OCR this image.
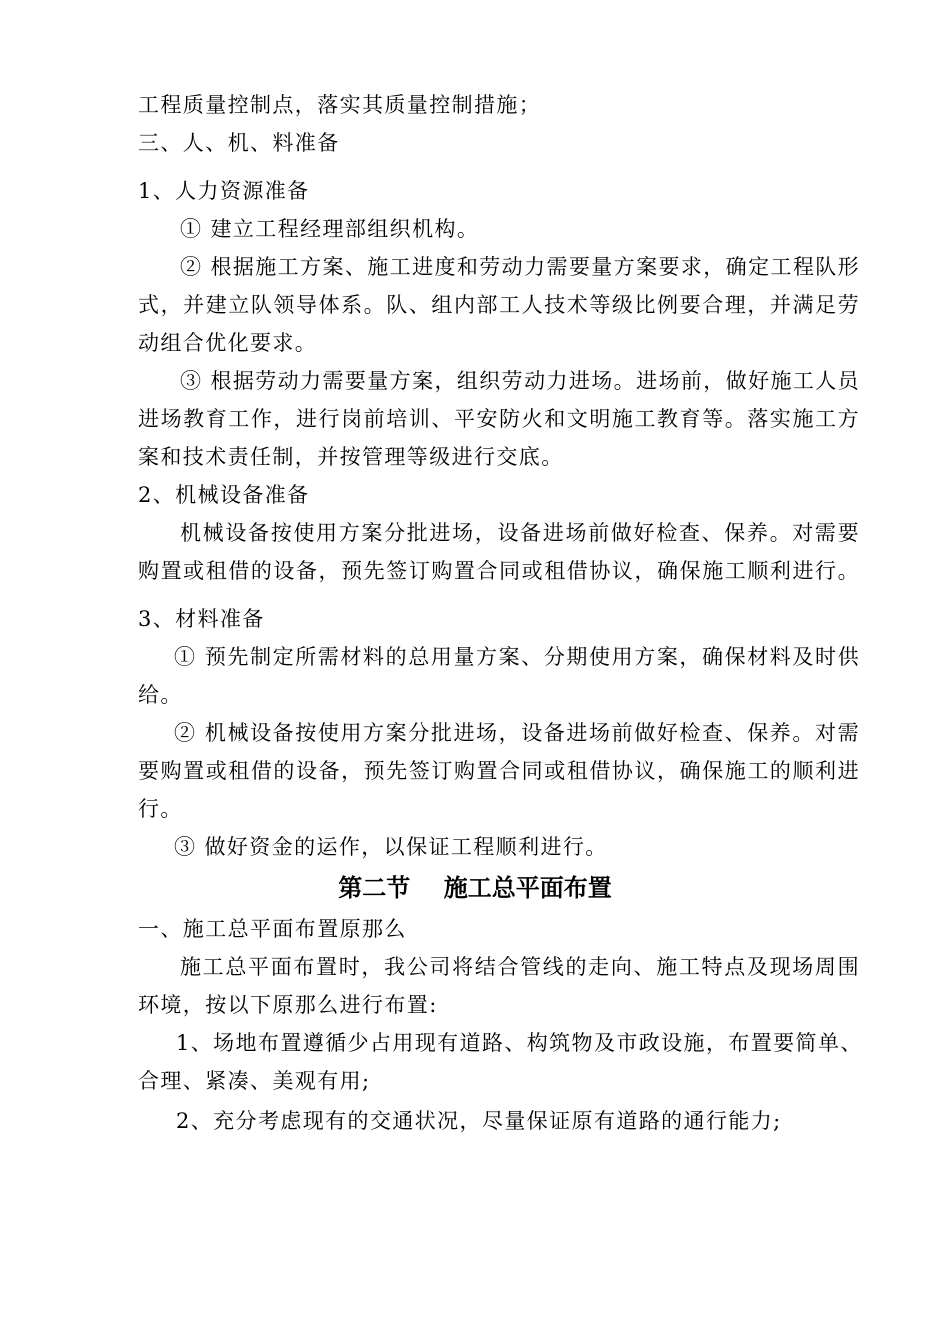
工程质量控制点，落实其质量控制措施；
三、人、机、料准备
1、人力资源准备
① 建立工程经理部组织机构。
② 根据施工方案、施工进度和劳动力需要量方案要求，确定工程队形
式，并建立队领导体系。队、组内部工人技术等级比例要合理，并满足劳
动组合优化要求。
③ 根据劳动力需要量方案，组织劳动力进场。进场前，做好施工人员
进场教育工作，进行岗前培训、平安防火和文明施工教育等。落实施工方
案和技术责任制，并按管理等级进行交底。
2、机械设备准备
机械设备按使用方案分批进场，设备进场前做好检查、保养。对需要
购置或租借的设备，预先签订购置合同或租借协议，确保施工顺利进行。
3、材料准备
① 预先制定所需材料的总用量方案、分期使用方案，确保材料及时供
给。
② 机械设备按使用方案分批进场，设备进场前做好检查、保养。对需
要购置或租借的设备，预先签订购置合同或租借协议，确保施工的顺利进
行。
③ 做好资金的运作，以保证工程顺利进行。
第二节    施工总平面布置
一、施工总平面布置原那么
施工总平面布置时，我公司将结合管线的走向、施工特点及现场周围
环境，按以下原那么进行布置:
1、场地布置遵循少占用现有道路、构筑物及市政设施，布置要简单、
合理、紧凑、美观有用;
2、充分考虑现有的交通状况，尽量保证原有道路的通行能力;
